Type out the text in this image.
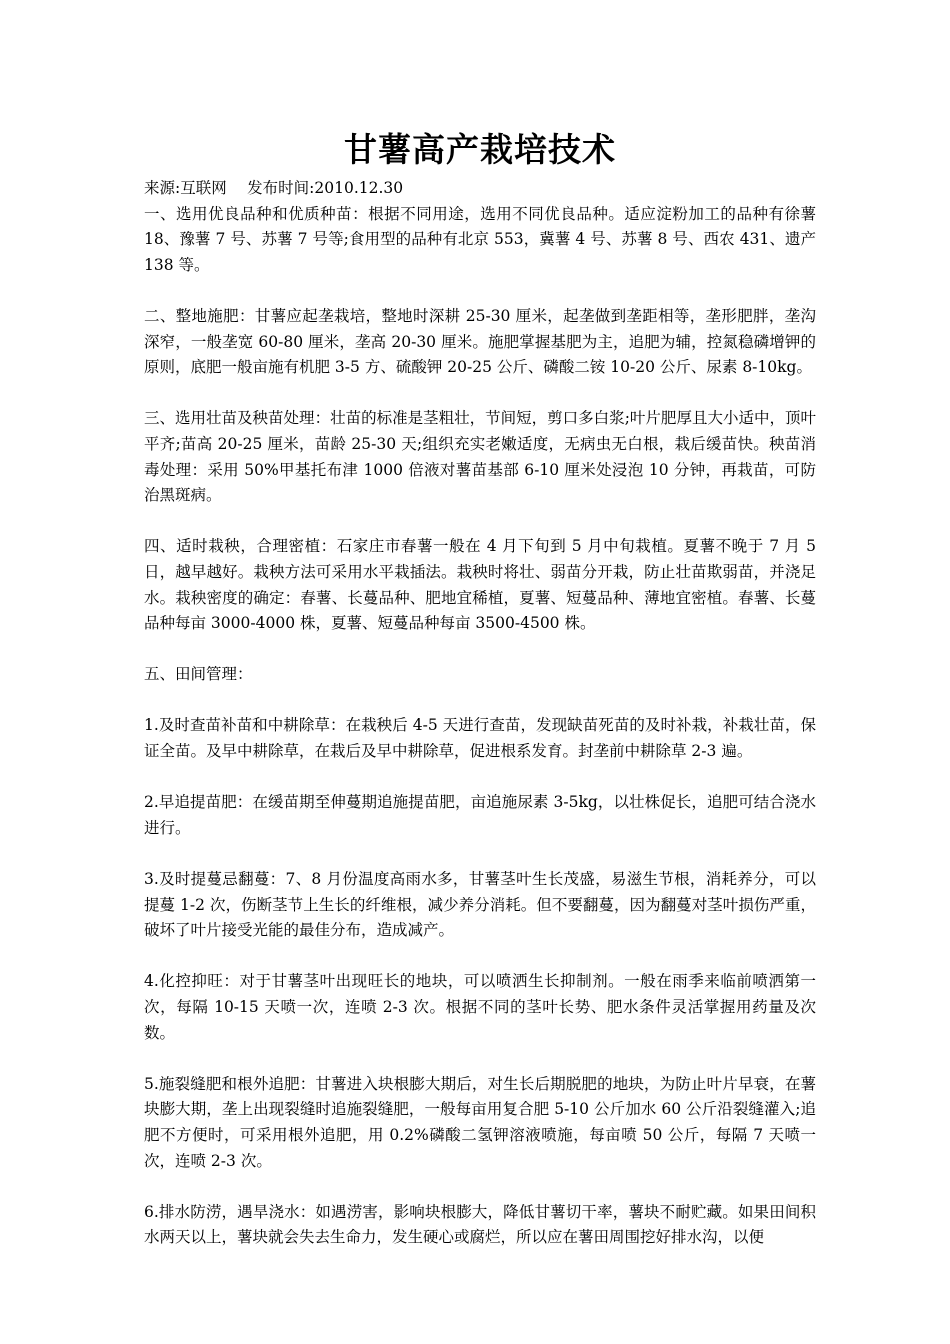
甘薯高产栽培技术

来源:互联网　 发布时间:2010.12.30

一、选用优良品种和优质种苗：根据不同用途，选用不同优良品种。适应淀粉加工的品种有徐薯 18、豫薯 7 号、苏薯 7 号等;食用型的品种有北京 553，冀薯 4 号、苏薯 8 号、西农 431、遗产 138 等。

二、整地施肥：甘薯应起垄栽培，整地时深耕 25-30 厘米，起垄做到垄距相等，垄形肥胖，垄沟深窄，一般垄宽 60-80 厘米，垄高 20-30 厘米。施肥掌握基肥为主，追肥为辅，控氮稳磷增钾的原则，底肥一般亩施有机肥 3-5 方、硫酸钾 20-25 公斤、磷酸二铵 10-20 公斤、尿素 8-10kg。

三、选用壮苗及秧苗处理：壮苗的标准是茎粗壮，节间短，剪口多白浆;叶片肥厚且大小适中，顶叶平齐;苗高 20-25 厘米，苗龄 25-30 天;组织充实老嫩适度，无病虫无白根，栽后缓苗快。秧苗消毒处理：采用 50%甲基托布津 1000 倍液对薯苗基部 6-10 厘米处浸泡 10 分钟，再栽苗，可防治黑斑病。

四、适时栽秧，合理密植：石家庄市春薯一般在 4 月下旬到 5 月中旬栽植。夏薯不晚于 7 月 5 日，越早越好。栽秧方法可采用水平栽插法。栽秧时将壮、弱苗分开栽，防止壮苗欺弱苗，并浇足水。栽秧密度的确定：春薯、长蔓品种、肥地宜稀植，夏薯、短蔓品种、薄地宜密植。春薯、长蔓品种每亩 3000-4000 株，夏薯、短蔓品种每亩 3500-4500 株。

五、田间管理：

1.及时查苗补苗和中耕除草：在栽秧后 4-5 天进行查苗，发现缺苗死苗的及时补栽，补栽壮苗，保证全苗。及早中耕除草，在栽后及早中耕除草，促进根系发育。封垄前中耕除草 2-3 遍。

2.早追提苗肥：在缓苗期至伸蔓期追施提苗肥，亩追施尿素 3-5kg，以壮株促长，追肥可结合浇水进行。

3.及时提蔓忌翻蔓：7、8 月份温度高雨水多，甘薯茎叶生长茂盛，易滋生节根，消耗养分，可以提蔓 1-2 次，伤断茎节上生长的纤维根，减少养分消耗。但不要翻蔓，因为翻蔓对茎叶损伤严重，破坏了叶片接受光能的最佳分布，造成减产。

4.化控抑旺：对于甘薯茎叶出现旺长的地块，可以喷洒生长抑制剂。一般在雨季来临前喷洒第一次，每隔 10-15 天喷一次，连喷 2-3 次。根据不同的茎叶长势、肥水条件灵活掌握用药量及次数。

5.施裂缝肥和根外追肥：甘薯进入块根膨大期后，对生长后期脱肥的地块，为防止叶片早衰，在薯块膨大期，垄上出现裂缝时追施裂缝肥，一般每亩用复合肥 5-10 公斤加水 60 公斤沿裂缝灌入;追肥不方便时，可采用根外追肥，用 0.2%磷酸二氢钾溶液喷施，每亩喷 50 公斤，每隔 7 天喷一次，连喷 2-3 次。

6.排水防涝，遇旱浇水：如遇涝害，影响块根膨大，降低甘薯切干率，薯块不耐贮藏。如果田间积水两天以上，薯块就会失去生命力，发生硬心或腐烂，所以应在薯田周围挖好排水沟，以便
